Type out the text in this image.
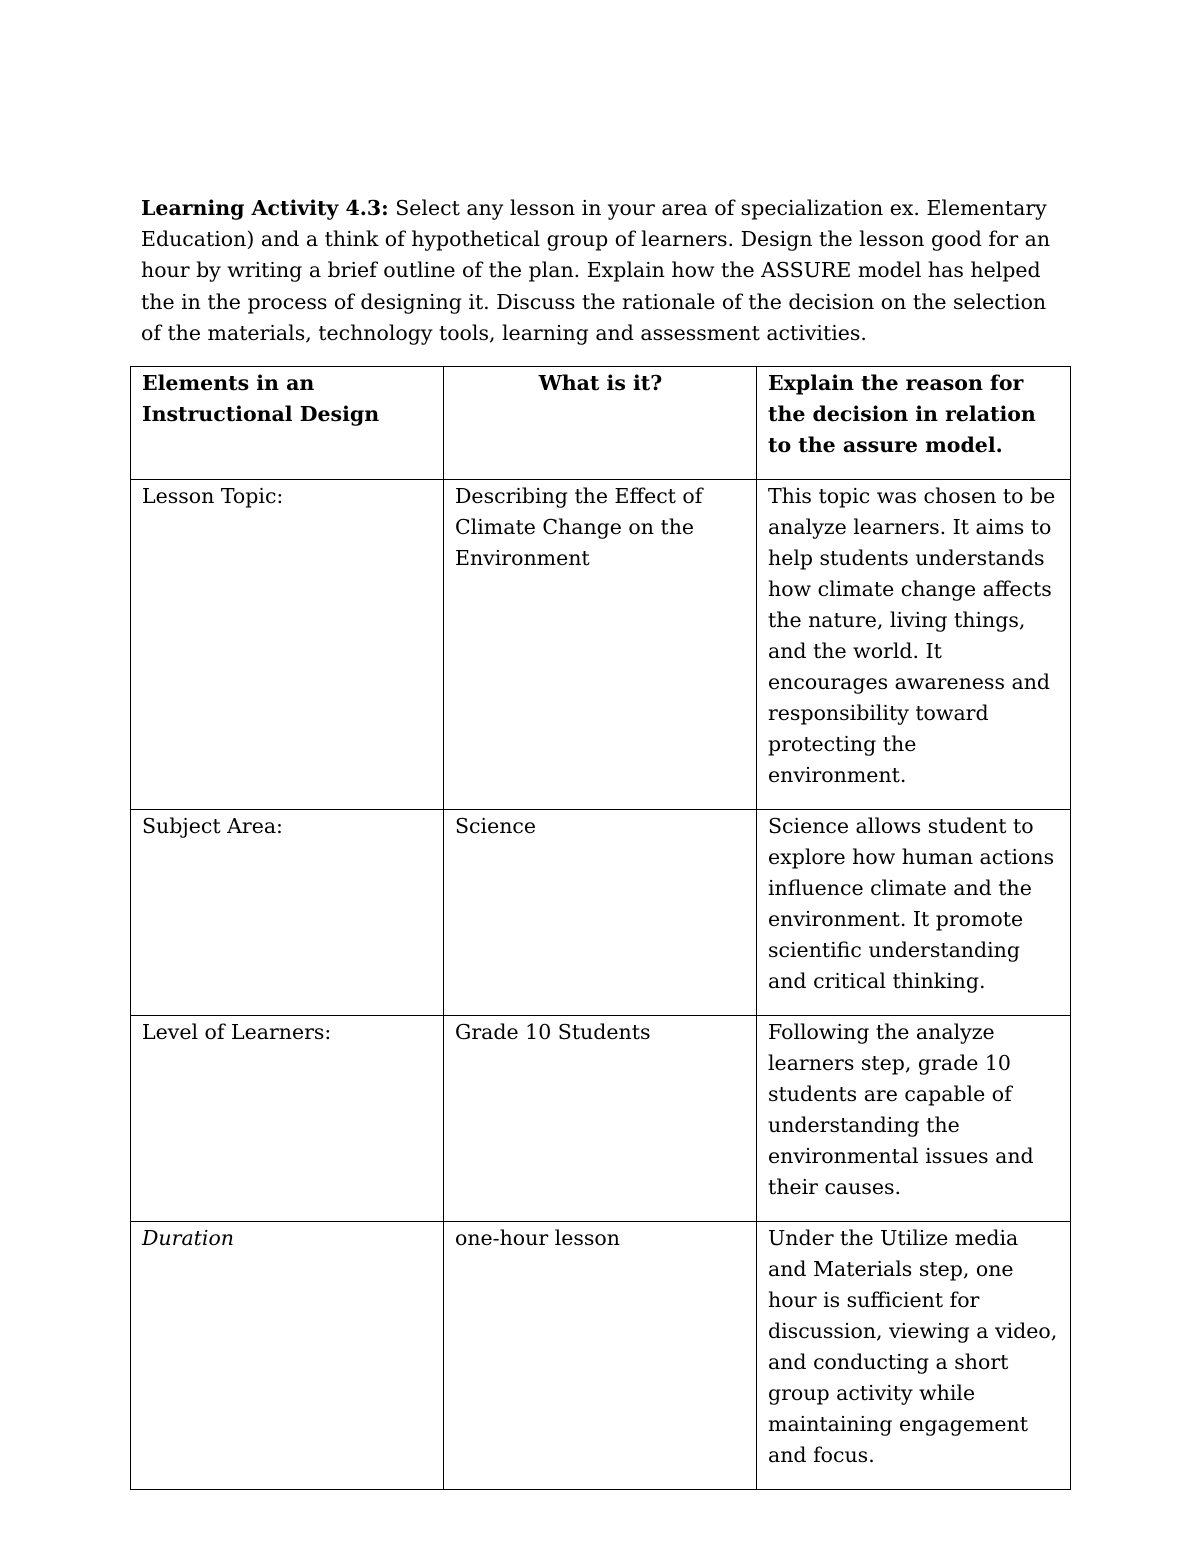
Learning Activity 4.3: Select any lesson in your area of specialization ex. Elementary Education) and a think of hypothetical group of learners. Design the lesson good for an hour by writing a brief outline of the plan. Explain how the ASSURE model has helped the in the process of designing it. Discuss the rationale of the decision on the selection of the materials, technology tools, learning and assessment activities.

Elements in an Instructional Design	What is it?	Explain the reason for the decision in relation to the assure model.
Lesson Topic:	Describing the Effect of Climate Change on the Environment	This topic was chosen to be analyze learners. It aims to help students understands how climate change affects the nature, living things, and the world. It encourages awareness and responsibility toward protecting the environment.
Subject Area:	Science	Science allows student to explore how human actions influence climate and the environment. It promote scientific understanding and critical thinking.
Level of Learners:	Grade 10 Students	Following the analyze learners step, grade 10 students are capable of understanding the environmental issues and their causes.
Duration	one-hour lesson	Under the Utilize media and Materials step, one hour is sufficient for discussion, viewing a video, and conducting a short group activity while maintaining engagement and focus.
